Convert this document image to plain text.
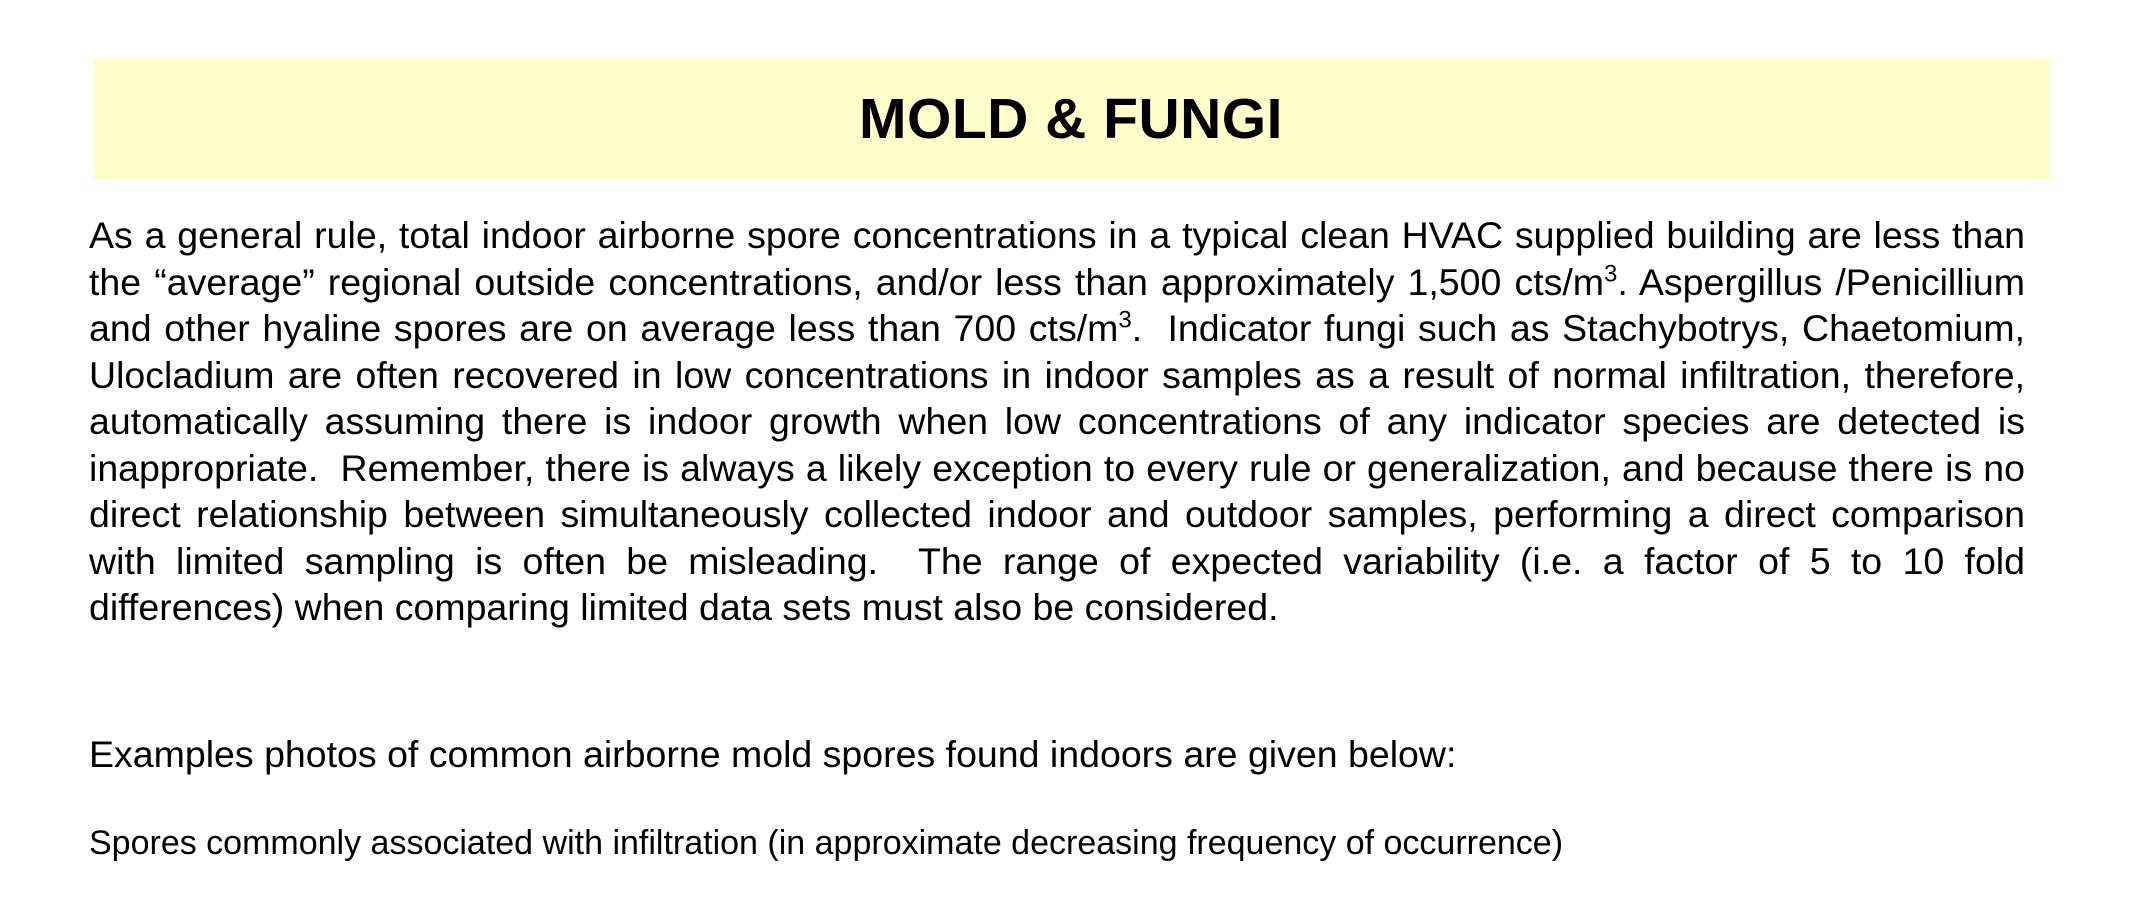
MOLD & FUNGI

As a general rule, total indoor airborne spore concentrations in a typical clean HVAC supplied building are less than the “average” regional outside concentrations, and/or less than approximately 1,500 cts/$m^3$. Aspergillus /Penicillium and other hyaline spores are on average less than 700 cts/$m^3$.  Indicator fungi such as Stachybotrys, Chaetomium, Ulocladium are often recovered in low concentrations in indoor samples as a result of normal infiltration, therefore, automatically assuming there is indoor growth when low concentrations of any indicator species are detected is inappropriate.  Remember, there is always a likely exception to every rule or generalization, and because there is no direct relationship between simultaneously collected indoor and outdoor samples, performing a direct comparison with limited sampling is often be misleading.  The range of expected variability (i.e. a factor of 5 to 10 fold differences) when comparing limited data sets must also be considered.

Examples photos of common airborne mold spores found indoors are given below:

Spores commonly associated with infiltration (in approximate decreasing frequency of occurrence)
